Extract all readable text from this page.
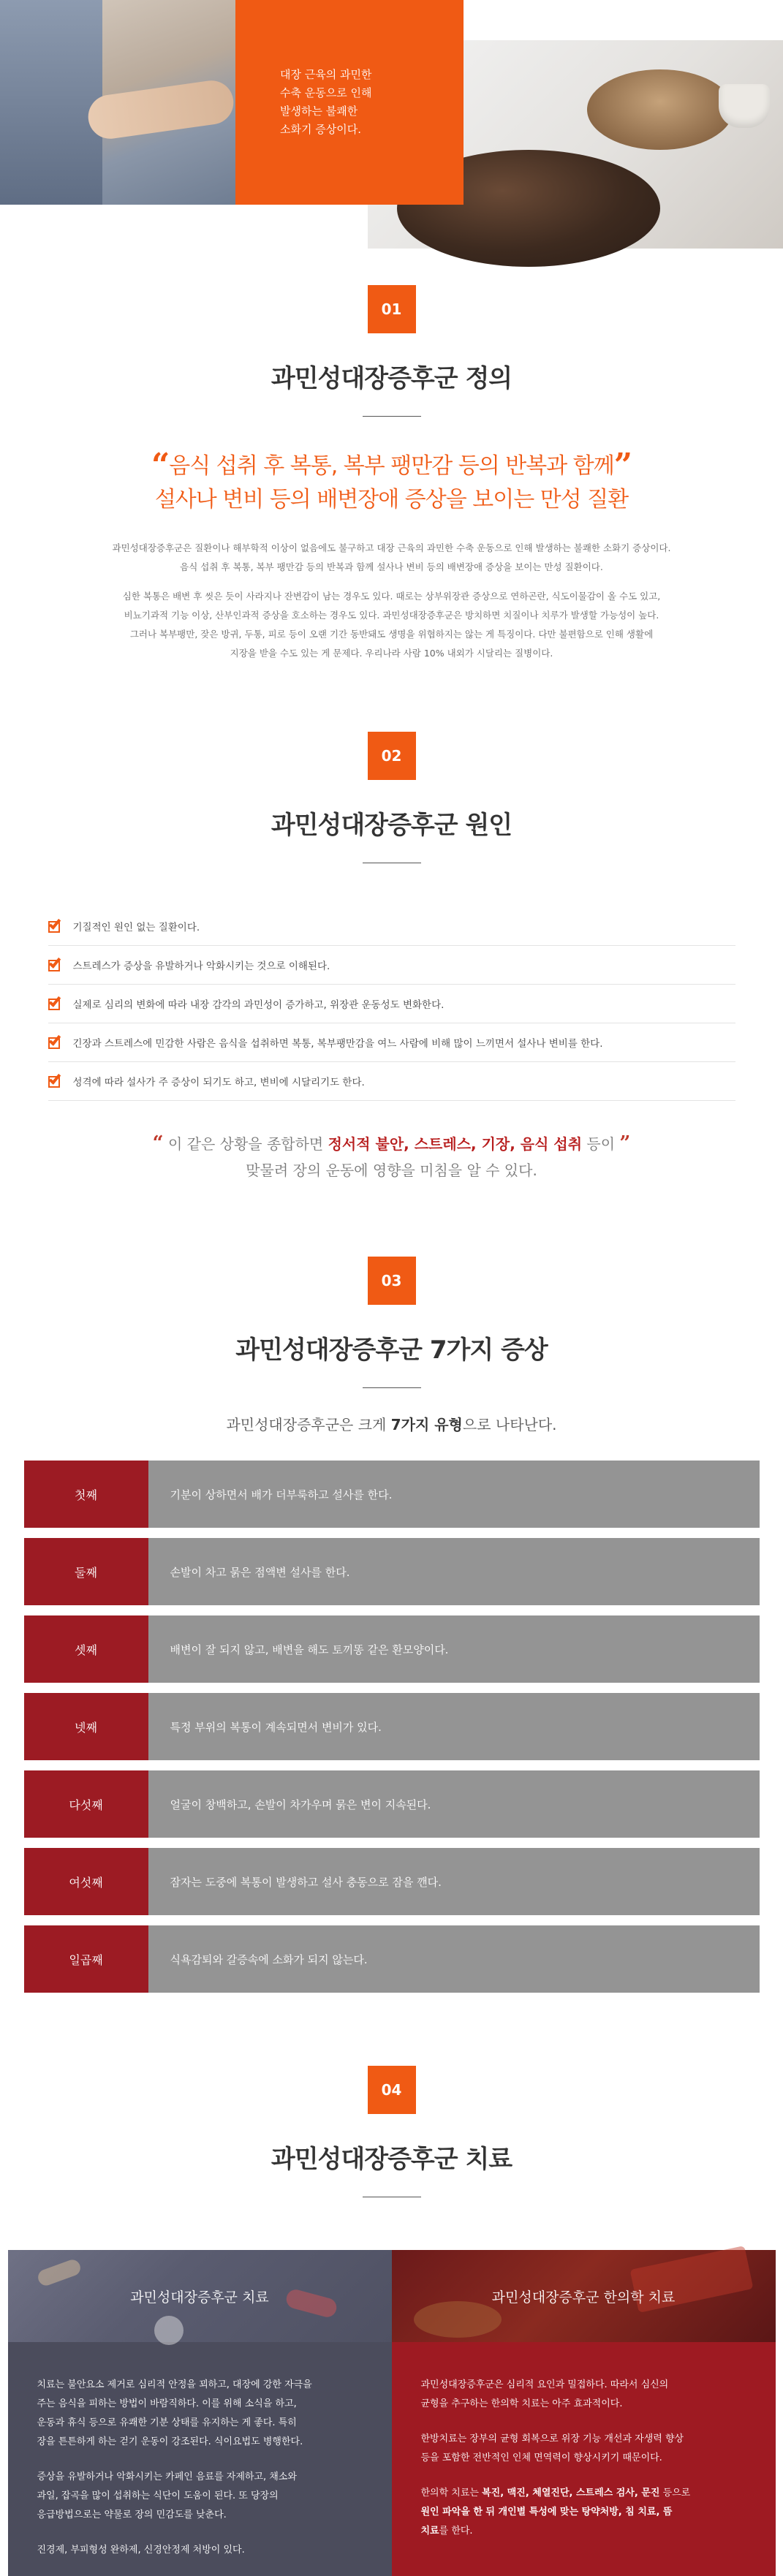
대장 근육의 과민한
수축 운동으로 인해
발생하는 불쾌한
소화기 증상이다.

01
과민성대장증후군 정의
“음식 섭취 후 복통, 복부 팽만감 등의 반복과 함께”
설사나 변비 등의 배변장애 증상을 보이는 만성 질환

과민성대장증후군은 질환이나 해부학적 이상이 없음에도 불구하고 대장 근육의 과민한 수축 운동으로 인해 발생하는 불쾌한 소화기 증상이다.

음식 섭취 후 복통, 복부 팽만감 등의 반복과 함께 설사나 변비 등의 배변장애 증상을 보이는 만성 질환이다.

심한 복통은 배변 후 씻은 듯이 사라지나 잔변감이 남는 경우도 있다. 때로는 상부위장관 증상으로 연하곤란, 식도이물감이 올 수도 있고,

비뇨기과적 기능 이상, 산부인과적 증상을 호소하는 경우도 있다. 과민성대장증후군은 방치하면 치질이나 치루가 발생할 가능성이 높다.

그러나 복부팽만, 잦은 방귀, 두통, 피로 등이 오랜 기간 동반돼도 생명을 위협하지는 않는 게 특징이다. 다만 불편함으로 인해 생활에

지장을 받을 수도 있는 게 문제다. 우리나라 사람 10% 내외가 시달리는 질병이다.

02
과민성대장증후군 원인
기질적인 원인 없는 질환이다.
스트레스가 증상을 유발하거나 악화시키는 것으로 이해된다.
실제로 심리의 변화에 따라 내장 감각의 과민성이 증가하고, 위장관 운동성도 변화한다.
긴장과 스트레스에 민감한 사람은 음식을 섭취하면 복통, 복부팽만감을 여느 사람에 비해 많이 느끼면서 설사나 변비를 한다.
성격에 따라 설사가 주 증상이 되기도 하고, 변비에 시달리기도 한다.
“ 이 같은 상황을 종합하면 정서적 불안, 스트레스, 기장, 음식 섭취 등이 ”
맞물려 장의 운동에 영향을 미침을 알 수 있다.
03
과민성대장증후군 7가지 증상
과민성대장증후군은 크게 7가지 유형으로 나타난다.
첫째	기분이 상하면서 배가 더부룩하고 설사를 한다.
둘째	손발이 차고 묽은 점액변 설사를 한다.
셋째	배변이 잘 되지 않고, 배변을 해도 토끼똥 같은 환모양이다.
넷째	특정 부위의 복통이 계속되면서 변비가 있다.
다섯째	얼굴이 창백하고, 손발이 차가우며 묽은 변이 지속된다.
여섯째	잠자는 도중에 복통이 발생하고 설사 충동으로 잠을 깬다.
일곱째	식욕감퇴와 갈증속에 소화가 되지 않는다.
04
과민성대장증후군 치료
과민성대장증후군 치료

치료는 불안요소 제거로 심리적 안정을 꾀하고, 대장에 강한 자극을
주는 음식을 피하는 방법이 바람직하다. 이를 위해 소식을 하고,
운동과 휴식 등으로 유쾌한 기분 상태를 유지하는 게 좋다. 특히
장을 튼튼하게 하는 걷기 운동이 강조된다. 식이요법도 병행한다.

증상을 유발하거나 악화시키는 카페인 음료를 자제하고, 채소와
과일, 잡곡을 많이 섭취하는 식단이 도움이 된다. 또 당장의
응급방법으로는 약물로 장의 민감도를 낮춘다.

진경제, 부피형성 완하제, 신경안정제 처방이 있다.

과민성대장증후군 한의학 치료

과민성대장증후군은 심리적 요인과 밀접하다. 따라서 심신의
균형을 추구하는 한의학 치료는 아주 효과적이다.

한방치료는 장부의 균형 회복으로 위장 기능 개선과 자생력 향상
등을 포함한 전반적인 인체 면역력이 향상시키기 때문이다.

한의학 치료는 복진, 맥진, 체열진단, 스트레스 검사, 문진 등으로
원인 파악을 한 뒤 개인별 특성에 맞는 탕약처방, 침 치료, 뜸
치료를 한다.
